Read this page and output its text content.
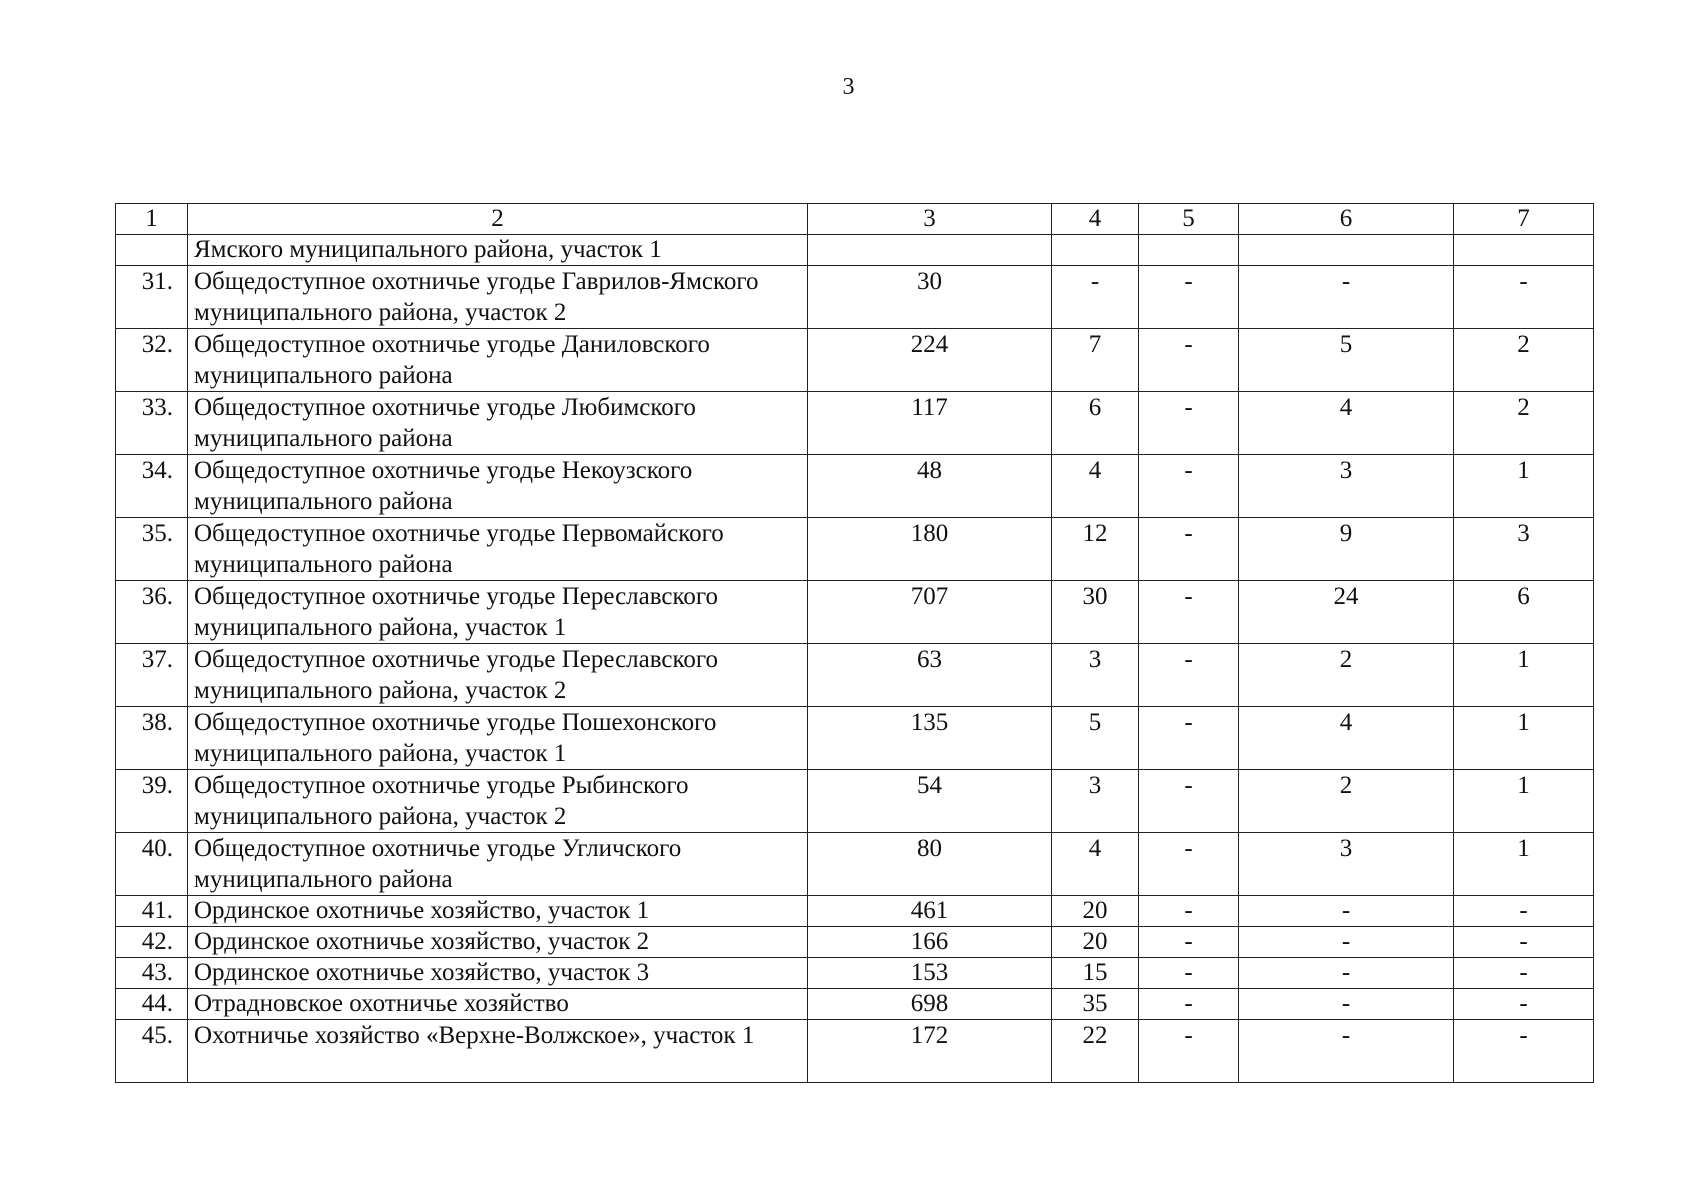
3
1	2	3	4	5	6	7
	Ямского муниципального района, участок 1					
31.	Общедоступное охотничье угодье Гаврилов-Ямского муниципального района, участок 2	30	-	-	-	-
32.	Общедоступное охотничье угодье Даниловского муниципального района	224	7	-	5	2
33.	Общедоступное охотничье угодье Любимского муниципального района	117	6	-	4	2
34.	Общедоступное охотничье угодье Некоузского муниципального района	48	4	-	3	1
35.	Общедоступное охотничье угодье Первомайского муниципального района	180	12	-	9	3
36.	Общедоступное охотничье угодье Переславского муниципального района, участок 1	707	30	-	24	6
37.	Общедоступное охотничье угодье Переславского муниципального района, участок 2	63	3	-	2	1
38.	Общедоступное охотничье угодье Пошехонского муниципального района, участок 1	135	5	-	4	1
39.	Общедоступное охотничье угодье Рыбинского муниципального района, участок 2	54	3	-	2	1
40.	Общедоступное охотничье угодье Угличского муниципального района	80	4	-	3	1
41.	Ординское охотничье хозяйство, участок 1	461	20	-	-	-
42.	Ординское охотничье хозяйство, участок 2	166	20	-	-	-
43.	Ординское охотничье хозяйство, участок 3	153	15	-	-	-
44.	Отрадновское охотничье хозяйство	698	35	-	-	-
45.	Охотничье хозяйство «Верхне-Волжское», участок 1	172	22	-	-	-
